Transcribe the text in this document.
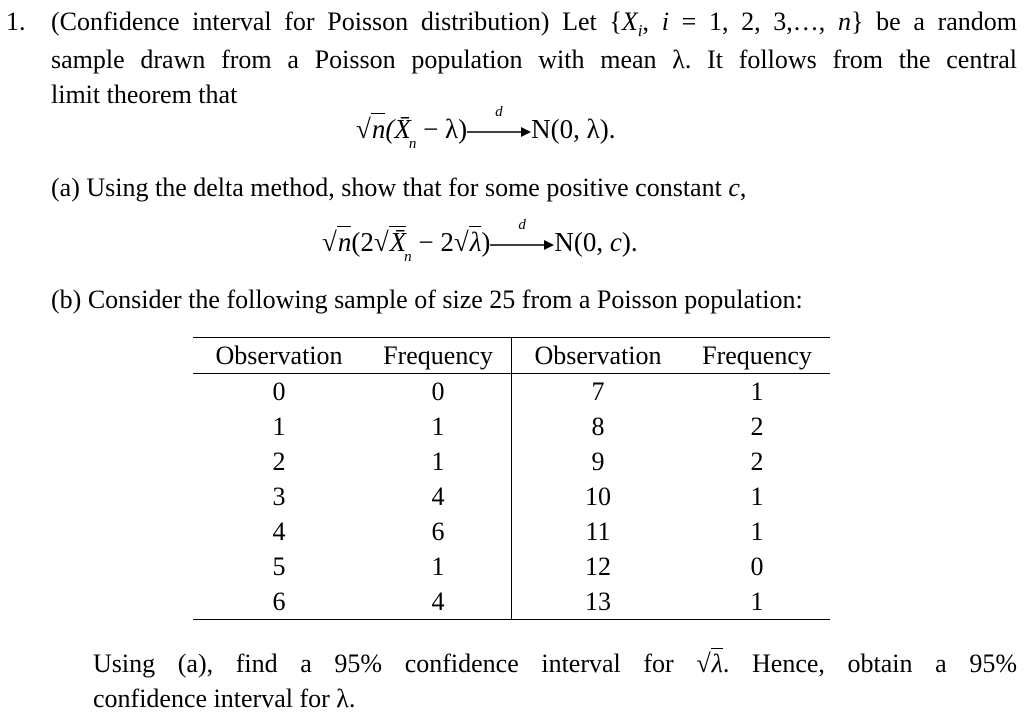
1. (Confidence interval for Poisson distribution) Let {$X_i$, i = 1, 2, 3,…, n} be a random
sample drawn from a Poisson population with mean λ. It follows from the central
limit theorem that
$√n(X̄_n - \lambda)$
d
N(0, λ).
(a) Using the delta method, show that for some positive constant c,
$√n(2√X̄_n - 2√\lambda)$
d
N(0, c).
(b) Consider the following sample of size 25 from a Poisson population:
Observation	Frequency	Observation	Frequency
0	0	7	1
1	1	8	2
2	1	9	2
3	4	10	1
4	6	11	1
5	1	12	0
6	4	13	1
Using (a), find a 95% confidence interval for √λ. Hence, obtain a 95%
confidence interval for λ.
